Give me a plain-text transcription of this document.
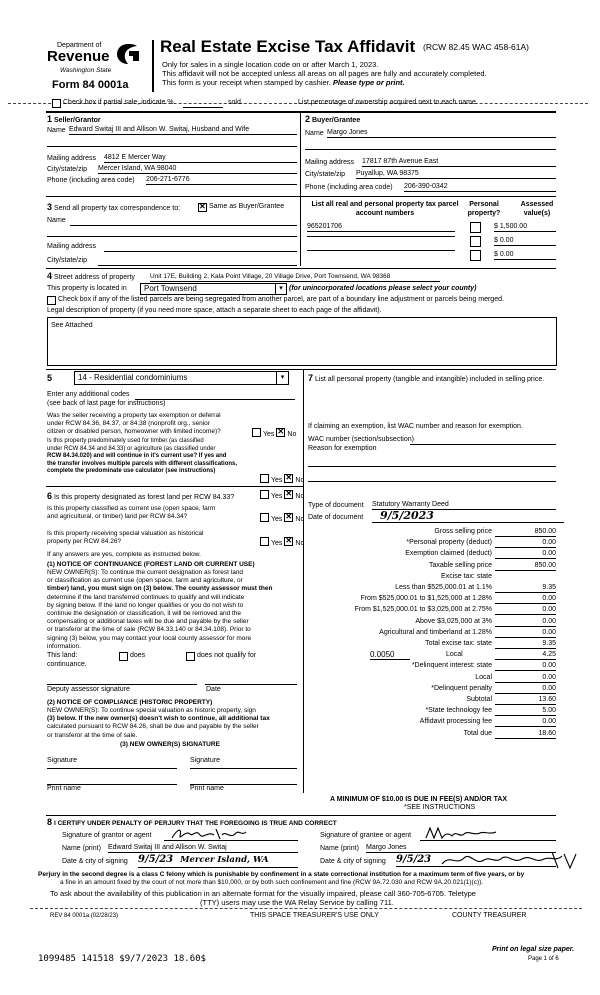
Department of
Revenue
Washington State
Form 84 0001a
Real Estate Excise Tax Affidavit (RCW 82.45 WAC 458-61A)
Only for sales in a single location code on or after March 1, 2023.
This affidavit will not be accepted unless all areas on all pages are fully and accurately completed.
This form is your receipt when stamped by cashier. Please type or print.
Check box if partial sale, indicate %	sold.	List percentage of ownership acquired next to each name.
1 Seller/Grantor
Name Edward Switaj III and Allison W. Switaj, Husband and Wife
Mailing address 4812 E Mercer Way
City/state/zip Mercer Island, WA 98040
Phone (including area code) 206-271-6776
2 Buyer/Grantee
Name Margo Jones
Mailing address 17817 87th Avenue East
City/state/zip Puyallup, WA 98375
Phone (including area code) 206-390-0342
3 Send all property tax correspondence to: ✕	Same as Buyer/Grantee
Name
Mailing address
City/state/zip
List all real and personal property tax parcel account numbers
Personal property?
Assessed value(s)
965201706	$ 1,500.00
$ 0.00
$ 0.00
4 Street address of property Unit 17E, Building 2, Kala Point Village, 20 Village Drive, Port Townsend, WA 98368
This property is located in Port Townsend	▾ (for unincorporated locations please select your county)
Check box if any of the listed parcels are being segregated from another parcel, are part of a boundary line adjustment or parcels being merged.
Legal description of property (if you need more space, attach a separate sheet to each page of the affidavit).
See Attached
5	14 - Residential condominiums	▾
Enter any additional codes
(see back of last page for instructions)
Was the seller receiving a property tax exemption or deferral
under RCW 84.36, 84.37, or 84.38 (nonprofit org., senior
citizen or disabled person, homeowner with limited income)?	Yes ✕ No
Is this property predominately used for timber (as classified
under RCW 84.34 and 84.33) or agriculture (as classified under
RCW 84.34.020) and will continue in it's current use? If yes and
the transfer involves multiple parcels with different classifications,
complete the predominate use calculator (see instructions)
Yes ✕ No
6 Is this property designated as forest land per RCW 84.33?	Yes ✕ No
Is this property classified as current use (open space, farm
and agricultural, or timber) land per RCW 84.34?	Yes ✕ No
Is this property receiving special valuation as historical
property per RCW 84.26?	Yes ✕ No
If any answers are yes, complete as instructed below.
(1) NOTICE OF CONTINUANCE (FOREST LAND OR CURRENT USE)
NEW OWNER(S): To continue the current designation as forest land
or classification as current use (open space, farm and agriculture, or
timber) land, you must sign on (3) below. The county assessor must then
determine if the land transferred continues to qualify and will indicate
by signing below. If the land no longer qualifies or you do not wish to
continue the designation or classification, it will be removed and the
compensating or additional taxes will be due and payable by the seller
or transferor at the time of sale (RCW 84.33.140 or 84.34.108). Prior to
signing (3) below, you may contact your local county assessor for more
information.
This land:	does	does not qualify for
continuance.
Deputy assessor signature	Date
(2) NOTICE OF COMPLIANCE (HISTORIC PROPERTY)
NEW OWNER(S): To continue special valuation as historic property, sign
(3) below. If the new owner(s) doesn't wish to continue, all additional tax
calculated pursuant to RCW 84.26, shall be due and payable by the seller
or transferor at the time of sale.
(3) NEW OWNER(S) SIGNATURE
Signature	Signature
Print name	Print name
7 List all personal property (tangible and intangible) included in selling price.
If claiming an exemption, list WAC number and reason for exemption.
WAC number (section/subsection)
Reason for exemption
Type of document Statutory Warranty Deed
Date of document	9/5/2023
Gross selling price	850.00
*Personal property (deduct)	0.00
Exemption claimed (deduct)	0.00
Taxable selling price	850.00
Excise tax: state
Less than $525,000.01 at 1.1%	9.35
From $525,000.01 to $1,525,000 at 1.28%	0.00
From $1,525,000.01 to $3,025,000 at 2.75%	0.00
Above $3,025,000 at 3%	0.00
Agricultural and timberland at 1.28%	0.00
Total excise tax: state	9.35
0.0050	Local	4.25
*Delinquent interest: state	0.00
Local	0.00
*Delinquent penalty	0.00
Subtotal	13.60
*State technology fee	5.00
Affidavit processing fee	0.00
Total due	18.60
A MINIMUM OF $10.00 IS DUE IN FEE(S) AND/OR TAX
*SEE INSTRUCTIONS
8 I CERTIFY UNDER PENALTY OF PERJURY THAT THE FOREGOING IS TRUE AND CORRECT
Signature of grantor or agent
Name (print) Edward Switaj III and Allison W. Switaj
Date & city of signing 9/5/23 Mercer Island, WA
Signature of grantee or agent
Name (print) Margo Jones
Date & city of signing 9/5/23
Perjury in the second degree is a class C felony which is punishable by confinement in a state correctional institution for a maximum term of five years, or by
a fine in an amount fixed by the court of not more than $10,000, or by both such confinement and fine (RCW 9A.72.030 and RCW 9A.20.021(1)(c)).
To ask about the availability of this publication in an alternate format for the visually impaired, please call 360-705-6705. Teletype
(TTY) users may use the WA Relay Service by calling 711.
REV 84 0001a (02/28/23)	THIS SPACE TREASURER'S USE ONLY	COUNTY TREASURER
1099485 141518 $9/7/2023 18.60$
Print on legal size paper.
Page 1 of 6
